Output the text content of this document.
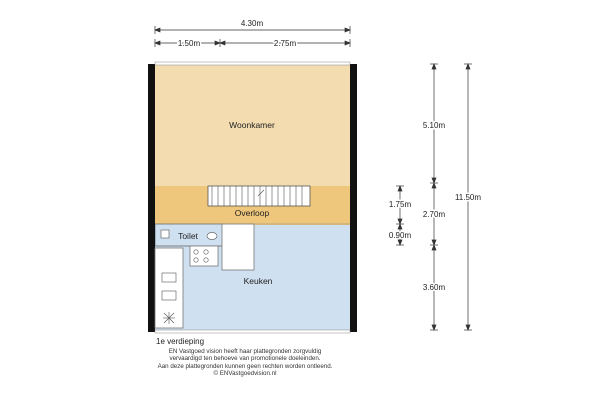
Woonkamer
Overloop
Toilet
Keuken
4.30m
1.50m	2.75m
5.10m
11.50m
1.75m
2.70m
0.90m
3.60m
1e verdieping
EN Vastgoed vision heeft haar plattegronden zorgvuldig
vervaardigd ten behoeve van promotionele doeleinden.
Aan deze plattegronden kunnen geen rechten worden ontleend.
© ENVastgoedvision.nl
